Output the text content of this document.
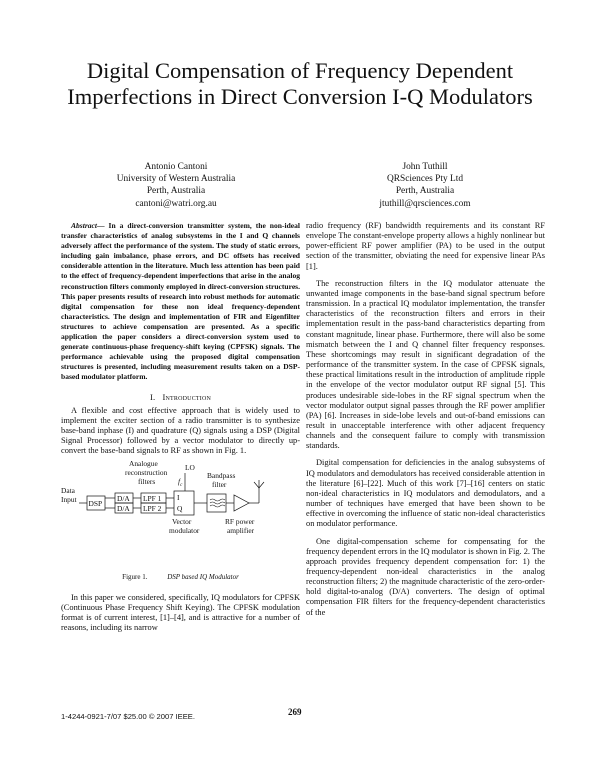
Digital Compensation of Frequency Dependent
Imperfections in Direct Conversion I-Q Modulators
Antonio Cantoni
University of Western Australia
Perth, Australia
cantoni@watri.org.au
John Tuthill
QRSciences Pty Ltd
Perth, Australia
jtuthill@qrsciences.com

Abstract— In a direct-conversion transmitter system, the non-ideal transfer characteristics of analog subsystems in the I and Q channels adversely affect the performance of the system. The study of static errors, including gain imbalance, phase errors, and DC offsets has received considerable attention in the literature. Much less attention has been paid to the effect of frequency-dependent imperfections that arise in the analog reconstruction filters commonly employed in direct-conversion structures. This paper presents results of research into robust methods for automatic digital compensation for these non ideal frequency-dependent characteristics. The design and implementation of FIR and Eigenfilter structures to achieve compensation are presented. As a specific application the paper considers a direct-conversion system used to generate continuous-phase frequency-shift keying (CPFSK) signals. The performance achievable using the proposed digital compensation structures is presented, including measurement results taken on a DSP-based modulator platform.

I. Introduction

A flexible and cost effective approach that is widely used to implement the exciter section of a radio transmitter is to synthesize base-band inphase (I) and quadrature (Q) signals using a DSP (Digital Signal Processor) followed by a vector modulator to directly up-convert the base-band signals to RF as shown in Fig. 1.

Analogue
reconstruction
filters
LO
$f_c$
Bandpass
filter
Data
Input DSP
D/A
D/A
LPF 1
LPF 2
I
Q
Vector
modulator
RF power
amplifier
Figure 1.	DSP based IQ Modulator

In this paper we considered, specifically, IQ modulators for CPFSK (Continuous Phase Frequency Shift Keying). The CPFSK modulation format is of current interest, [1]–[4], and is attractive for a number of reasons, including its narrow

radio frequency (RF) bandwidth requirements and its constant RF envelope The constant-envelope property allows a highly nonlinear but power-efficient RF power amplifier (PA) to be used in the output section of the transmitter, obviating the need for expensive linear PAs [1].

The reconstruction filters in the IQ modulator attenuate the unwanted image components in the base-band signal spectrum before transmission. In a practical IQ modulator implementation, the transfer characteristics of the reconstruction filters and errors in their implementation result in the pass-band characteristics departing from constant magnitude, linear phase. Furthermore, there will also be some mismatch between the I and Q channel filter frequency responses. These shortcomings may result in significant degradation of the performance of the transmitter system. In the case of CPFSK signals, these practical limitations result in the introduction of amplitude ripple in the envelope of the vector modulator output RF signal [5]. This produces undesirable side-lobes in the RF signal spectrum when the vector modulator output signal passes through the RF power amplifier (PA) [6]. Increases in side-lobe levels and out-of-band emissions can result in unacceptable interference with other adjacent frequency channels and the consequent failure to comply with transmission standards.

Digital compensation for deficiencies in the analog subsystems of IQ modulators and demodulators has received considerable attention in the literature [6]–[22]. Much of this work [7]–[16] centers on static non-ideal characteristics in IQ modulators and demodulators, and a number of techniques have emerged that have been shown to be effective in overcoming the influence of static non-ideal characteristics on modulator performance.

One digital-compensation scheme for compensating for the frequency dependent errors in the IQ modulator is shown in Fig. 2. The approach provides frequency dependent compensation for: 1) the frequency-dependent non-ideal characteristics in the analog reconstruction filters; 2) the magnitude characteristic of the zero-order-hold digital-to-analog (D/A) converters. The design of optimal compensation FIR filters for the frequency-dependent characteristics of the

1-4244-0921-7/07 $25.00 © 2007 IEEE.	269
